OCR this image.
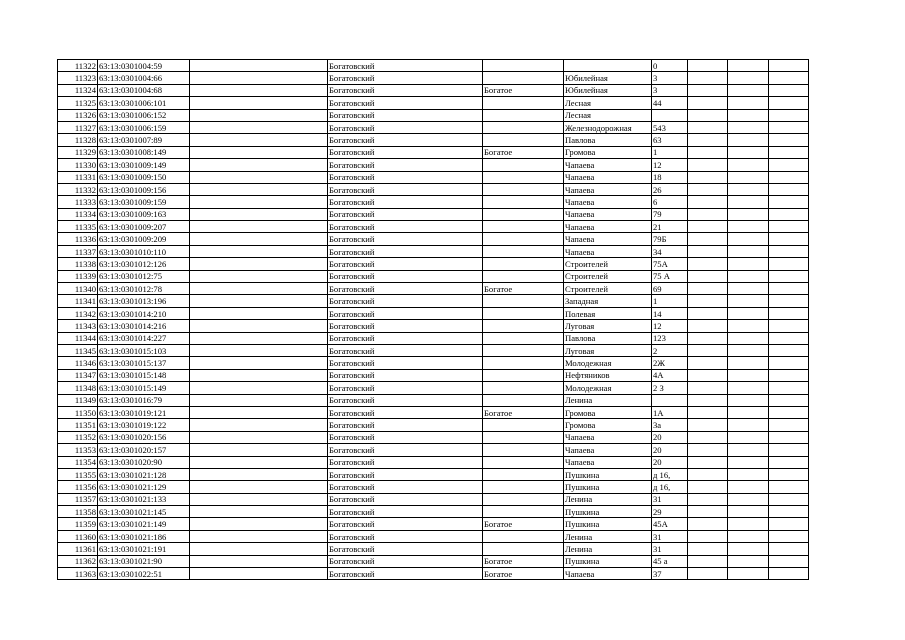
11322	63:13:0301004:59		Богатовский			0			
11323	63:13:0301004:66		Богатовский		Юбилейная	3			
11324	63:13:0301004:68		Богатовский	Богатое	Юбилейная	3			
11325	63:13:0301006:101		Богатовский		Лесная	44			
11326	63:13:0301006:152		Богатовский		Лесная				
11327	63:13:0301006:159		Богатовский		Железнодорожная	543			
11328	63:13:0301007:89		Богатовский		Павлова	63			
11329	63:13:0301008:149		Богатовский	Богатое	Громова	1			
11330	63:13:0301009:149		Богатовский		Чапаева	12			
11331	63:13:0301009:150		Богатовский		Чапаева	18			
11332	63:13:0301009:156		Богатовский		Чапаева	26			
11333	63:13:0301009:159		Богатовский		Чапаева	6			
11334	63:13:0301009:163		Богатовский		Чапаева	79			
11335	63:13:0301009:207		Богатовский		Чапаева	21			
11336	63:13:0301009:209		Богатовский		Чапаева	79Б			
11337	63:13:0301010:110		Богатовский		Чапаева	34			
11338	63:13:0301012:126		Богатовский		Строителей	75А			
11339	63:13:0301012:75		Богатовский		Строителей	75 А			
11340	63:13:0301012:78		Богатовский	Богатое	Строителей	69			
11341	63:13:0301013:196		Богатовский		Западная	1			
11342	63:13:0301014:210		Богатовский		Полевая	14			
11343	63:13:0301014:216		Богатовский		Луговая	12			
11344	63:13:0301014:227		Богатовский		Павлова	123			
11345	63:13:0301015:103		Богатовский		Луговая	2			
11346	63:13:0301015:137		Богатовский		Молодежная	2Ж			
11347	63:13:0301015:148		Богатовский		Нефтяников	4А			
11348	63:13:0301015:149		Богатовский		Молодежная	2 З			
11349	63:13:0301016:79		Богатовский		Ленина				
11350	63:13:0301019:121		Богатовский	Богатое	Громова	1А			
11351	63:13:0301019:122		Богатовский		Громова	3а			
11352	63:13:0301020:156		Богатовский		Чапаева	20			
11353	63:13:0301020:157		Богатовский		Чапаева	20			
11354	63:13:0301020:90		Богатовский		Чапаева	20			
11355	63:13:0301021:128		Богатовский		Пушкина	д 16,			
11356	63:13:0301021:129		Богатовский		Пушкина	д 16,			
11357	63:13:0301021:133		Богатовский		Ленина	31			
11358	63:13:0301021:145		Богатовский		Пушкина	29			
11359	63:13:0301021:149		Богатовский	Богатое	Пушкина	45А			
11360	63:13:0301021:186		Богатовский		Ленина	31			
11361	63:13:0301021:191		Богатовский		Ленина	31			
11362	63:13:0301021:90		Богатовский	Богатое	Пушкина	45 а			
11363	63:13:0301022:51		Богатовский	Богатое	Чапаева	37			
